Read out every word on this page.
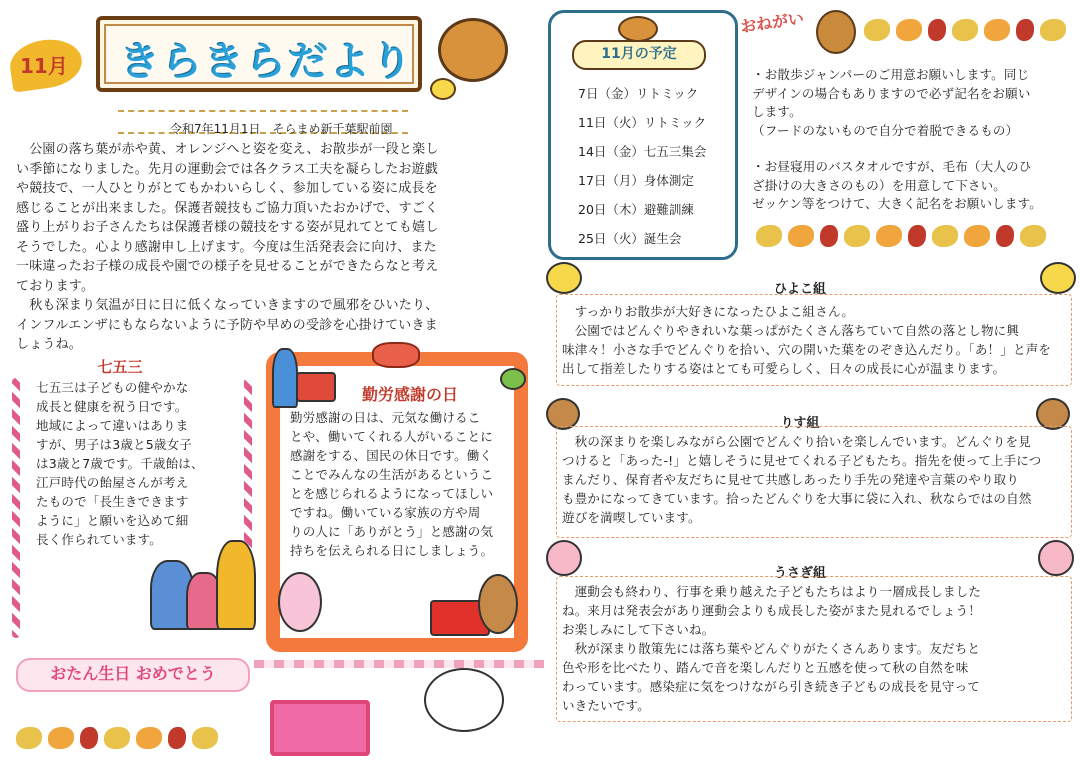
11月 きらきらだより
令和7年11月1日　そらまめ新千葉駅前園
　公園の落ち葉が赤や黄、オレンジへと姿を変え、お散歩が一段と楽し
い季節になりました。先月の運動会では各クラス工夫を凝らしたお遊戯
や競技で、一人ひとりがとてもかわいらしく、参加している姿に成長を
感じることが出来ました。保護者競技もご協力頂いたおかげで、すごく
盛り上がりお子さんたちは保護者様の競技をする姿が見れてとても嬉し
そうでした。心より感謝申し上げます。今度は生活発表会に向け、また
一味違ったお子様の成長や園での様子を見せることができたらなと考え
ております。
　秋も深まり気温が日に日に低くなっていきますので風邪をひいたり、
インフルエンザにもならないように予防や早めの受診を心掛けていきま
しょうね。
11月の予定
7日（金）リトミック
11日（火）リトミック
14日（金）七五三集会
17日（月）身体測定
20日（木）避難訓練
25日（火）誕生会
おねがい
・お散歩ジャンパーのご用意お願いします。同じ
デザインの場合もありますので必ず記名をお願い
します。
（フードのないもので自分で着脱できるもの）
・お昼寝用のバスタオルですが、毛布（大人のひ
ざ掛けの大きさのもの）を用意して下さい。
ゼッケン等をつけて、大きく記名をお願いします。
七五三
七五三は子どもの健やかな
成長と健康を祝う日です。
地域によって違いはありま
すが、男子は3歳と5歳女子
は3歳と7歳です。千歳飴は、
江戸時代の飴屋さんが考え
たもので「長生きできます
ように」と願いを込めて細
長く作られています。
勤労感謝の日
勤労感謝の日は、元気な働けるこ
とや、働いてくれる人がいることに
感謝をする、国民の休日です。働く
ことでみんなの生活があるというこ
とを感じられるようになってほしい
ですね。働いている家族の方や周
りの人に「ありがとう」と感謝の気
持ちを伝えられる日にしましょう。
おたん生日 おめでとう
ひよこ組
　すっかりお散歩が大好きになったひよこ組さん。
　公園ではどんぐりやきれいな葉っぱがたくさん落ちていて自然の落とし物に興
味津々！小さな手でどんぐりを拾い、穴の開いた葉をのぞき込んだり。「あ！」と声を
出して指差したりする姿はとても可愛らしく、日々の成長に心が温まります。
りす組
　秋の深まりを楽しみながら公園でどんぐり拾いを楽しんでいます。どんぐりを見
つけると「あった-!」と嬉しそうに見せてくれる子どもたち。指先を使って上手につ
まんだり、保育者や友だちに見せて共感しあったり手先の発達や言葉のやり取り
も豊かになってきています。拾ったどんぐりを大事に袋に入れ、秋ならではの自然
遊びを満喫しています。
うさぎ組
　運動会も終わり、行事を乗り越えた子どもたちはより一層成長しました
ね。来月は発表会があり運動会よりも成長した姿がまた見れるでしょう！
お楽しみにして下さいね。
　秋が深まり散策先には落ち葉やどんぐりがたくさんあります。友だちと
色や形を比べたり、踏んで音を楽しんだりと五感を使って秋の自然を味
わっています。感染症に気をつけながら引き続き子どもの成長を見守って
いきたいです。
